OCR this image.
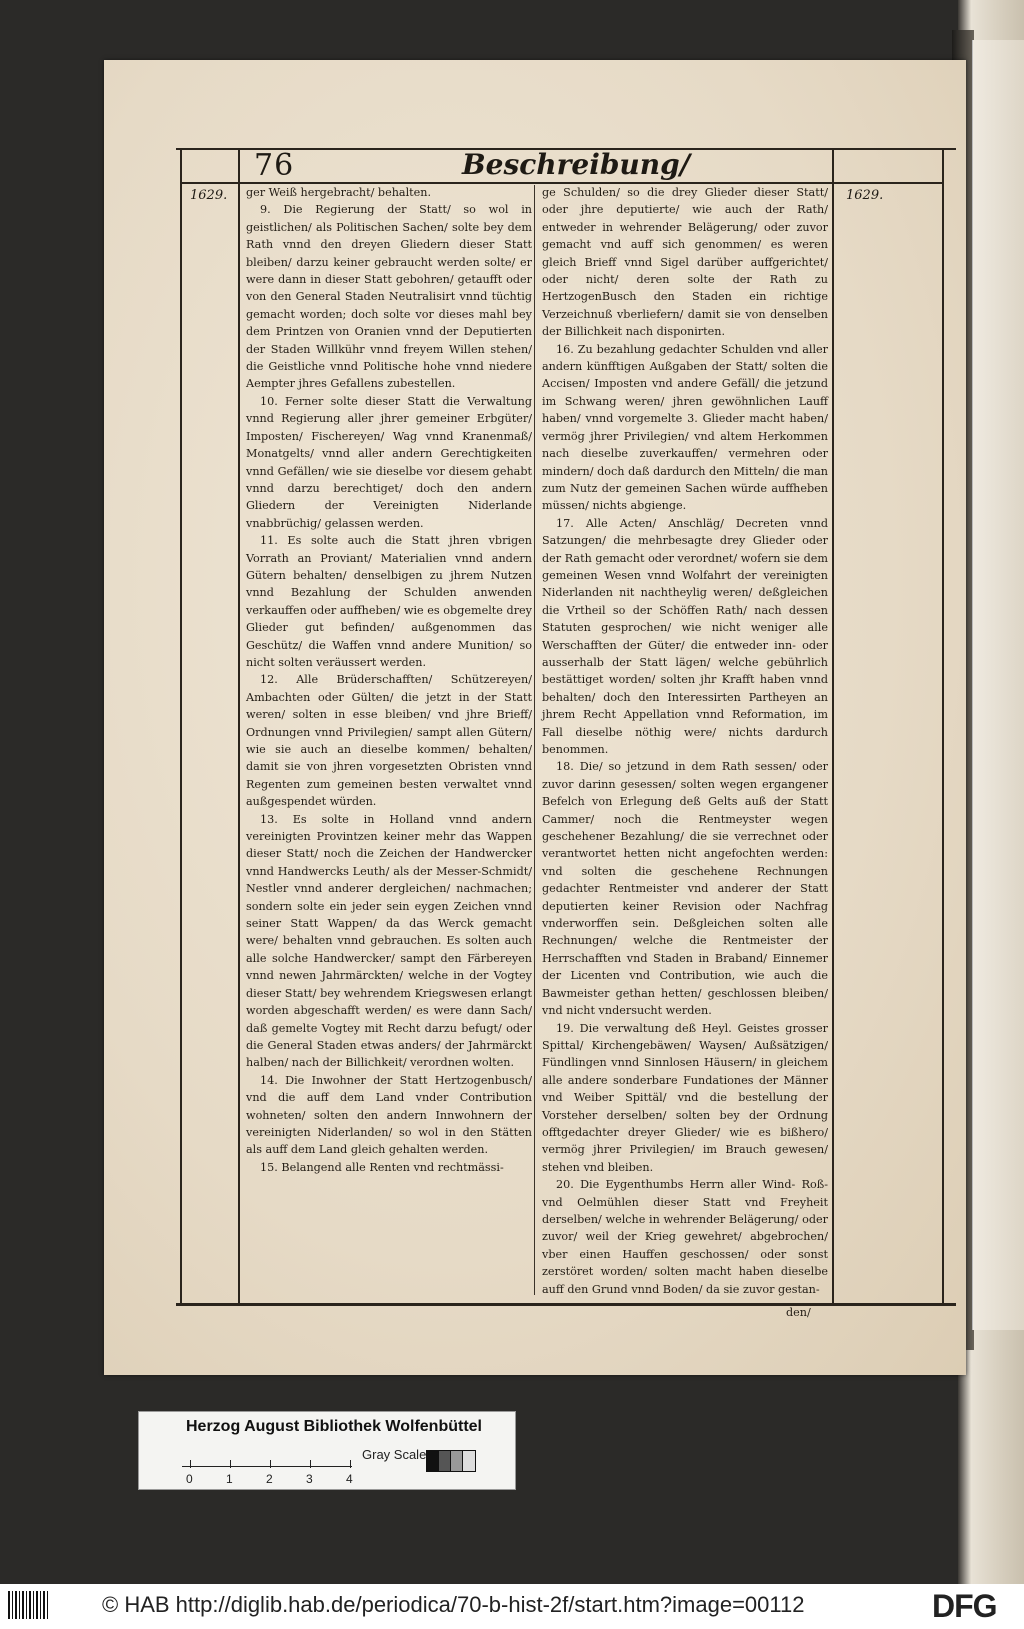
76	Beschreibung/
1629.	1629.

ger Weiß hergebracht/ behalten.

9. Die Regierung der Statt/ so wol in geistlichen/ als Politischen Sachen/ solte bey dem Rath vnnd den dreyen Gliedern dieser Statt bleiben/ darzu keiner gebraucht werden solte/ er were dann in dieser Statt gebohren/ getaufft oder von den General Staden Neutralisirt vnnd tüchtig gemacht worden; doch solte vor dieses mahl bey dem Printzen von Oranien vnnd der Deputierten der Staden Willkühr vnnd freyem Willen stehen/ die Geistliche vnnd Politische hohe vnnd niedere Aempter jhres Gefallens zubestellen.

10. Ferner solte dieser Statt die Verwaltung vnnd Regierung aller jhrer gemeiner Erbgüter/ Imposten/ Fischereyen/ Wag vnnd Kranenmaß/ Monatgelts/ vnnd aller andern Gerechtigkeiten vnnd Gefällen/ wie sie dieselbe vor diesem gehabt vnnd darzu berechtiget/ doch den andern Gliedern der Vereinigten Niderlande vnabbrüchig/ gelassen werden.

11. Es solte auch die Statt jhren vbrigen Vorrath an Proviant/ Materialien vnnd andern Gütern behalten/ denselbigen zu jhrem Nutzen vnnd Bezahlung der Schulden anwenden verkauffen oder auffheben/ wie es obgemelte drey Glieder gut befinden/ außgenommen das Geschütz/ die Waffen vnnd andere Munition/ so nicht solten veräussert werden.

12. Alle Brüderschafften/ Schützereyen/ Ambachten oder Gülten/ die jetzt in der Statt weren/ solten in esse bleiben/ vnd jhre Brieff/ Ordnungen vnnd Privilegien/ sampt allen Gütern/ wie sie auch an dieselbe kommen/ behalten/ damit sie von jhren vorgesetzten Obristen vnnd Regenten zum gemeinen besten verwaltet vnnd außgespendet würden.

13. Es solte in Holland vnnd andern vereinigten Provintzen keiner mehr das Wappen dieser Statt/ noch die Zeichen der Handwercker vnnd Handwercks Leuth/ als der Messer-Schmidt/ Nestler vnnd anderer dergleichen/ nachmachen; sondern solte ein jeder sein eygen Zeichen vnnd seiner Statt Wappen/ da das Werck gemacht were/ behalten vnnd gebrauchen. Es solten auch alle solche Handwercker/ sampt den Färbereyen vnnd newen Jahrmärckten/ welche in der Vogtey dieser Statt/ bey wehrendem Kriegswesen erlangt worden abgeschafft werden/ es were dann Sach/ daß gemelte Vogtey mit Recht darzu befugt/ oder die General Staden etwas anders/ der Jahrmärckt halben/ nach der Billichkeit/ verordnen wolten.

14. Die Inwohner der Statt Hertzogenbusch/ vnd die auff dem Land vnder Contribution wohneten/ solten den andern Innwohnern der vereinigten Niderlanden/ so wol in den Stätten als auff dem Land gleich gehalten werden.

15. Belangend alle Renten vnd rechtmässi-

ge Schulden/ so die drey Glieder dieser Statt/ oder jhre deputierte/ wie auch der Rath/ entweder in wehrender Belägerung/ oder zuvor gemacht vnd auff sich genommen/ es weren gleich Brieff vnnd Sigel darüber auffgerichtet/ oder nicht/ deren solte der Rath zu HertzogenBusch den Staden ein richtige Verzeichnuß vberliefern/ damit sie von denselben der Billichkeit nach disponirten.

16. Zu bezahlung gedachter Schulden vnd aller andern künfftigen Außgaben der Statt/ solten die Accisen/ Imposten vnd andere Gefäll/ die jetzund im Schwang weren/ jhren gewöhnlichen Lauff haben/ vnnd vorgemelte 3. Glieder macht haben/ vermög jhrer Privilegien/ vnd altem Herkommen nach dieselbe zuverkauffen/ vermehren oder mindern/ doch daß dardurch den Mitteln/ die man zum Nutz der gemeinen Sachen würde auffheben müssen/ nichts abgienge.

17. Alle Acten/ Anschläg/ Decreten vnnd Satzungen/ die mehrbesagte drey Glieder oder der Rath gemacht oder verordnet/ wofern sie dem gemeinen Wesen vnnd Wolfahrt der vereinigten Niderlanden nit nachtheylig weren/ deßgleichen die Vrtheil so der Schöffen Rath/ nach dessen Statuten gesprochen/ wie nicht weniger alle Werschafften der Güter/ die entweder inn- oder ausserhalb der Statt lägen/ welche gebührlich bestättiget worden/ solten jhr Krafft haben vnnd behalten/ doch den Interessirten Partheyen an jhrem Recht Appellation vnnd Reformation, im Fall dieselbe nöthig were/ nichts dardurch benommen.

18. Die/ so jetzund in dem Rath sessen/ oder zuvor darinn gesessen/ solten wegen ergangener Befelch von Erlegung deß Gelts auß der Statt Cammer/ noch die Rentmeyster wegen geschehener Bezahlung/ die sie verrechnet oder verantwortet hetten nicht angefochten werden: vnd solten die geschehene Rechnungen gedachter Rentmeister vnd anderer der Statt deputierten keiner Revision oder Nachfrag vnderworffen sein. Deßgleichen solten alle Rechnungen/ welche die Rentmeister der Herrschafften vnd Staden in Braband/ Einnemer der Licenten vnd Contribution, wie auch die Bawmeister gethan hetten/ geschlossen bleiben/ vnd nicht vndersucht werden.

19. Die verwaltung deß Heyl. Geistes grosser Spittal/ Kirchengebäwen/ Waysen/ Außsätzigen/ Fündlingen vnnd Sinnlosen Häusern/ in gleichem alle andere sonderbare Fundationes der Männer vnd Weiber Spittäl/ vnd die bestellung der Vorsteher derselben/ solten bey der Ordnung offtgedachter dreyer Glieder/ wie es bißhero/ vermög jhrer Privilegien/ im Brauch gewesen/ stehen vnd bleiben.

20. Die Eygenthumbs Herrn aller Wind- Roß- vnd Oelmühlen dieser Statt vnd Freyheit derselben/ welche in wehrender Belägerung/ oder zuvor/ weil der Krieg gewehret/ abgebrochen/ vber einen Hauffen geschossen/ oder sonst zerstöret worden/ solten macht haben dieselbe auff den Grund vnnd Boden/ da sie zuvor gestan-

den/
Herzog August Bibliothek Wolfenbüttel
Gray Scale
0	1	2	3	4
© HAB http://diglib.hab.de/periodica/70-b-hist-2f/start.htm?image=00112	DFG
